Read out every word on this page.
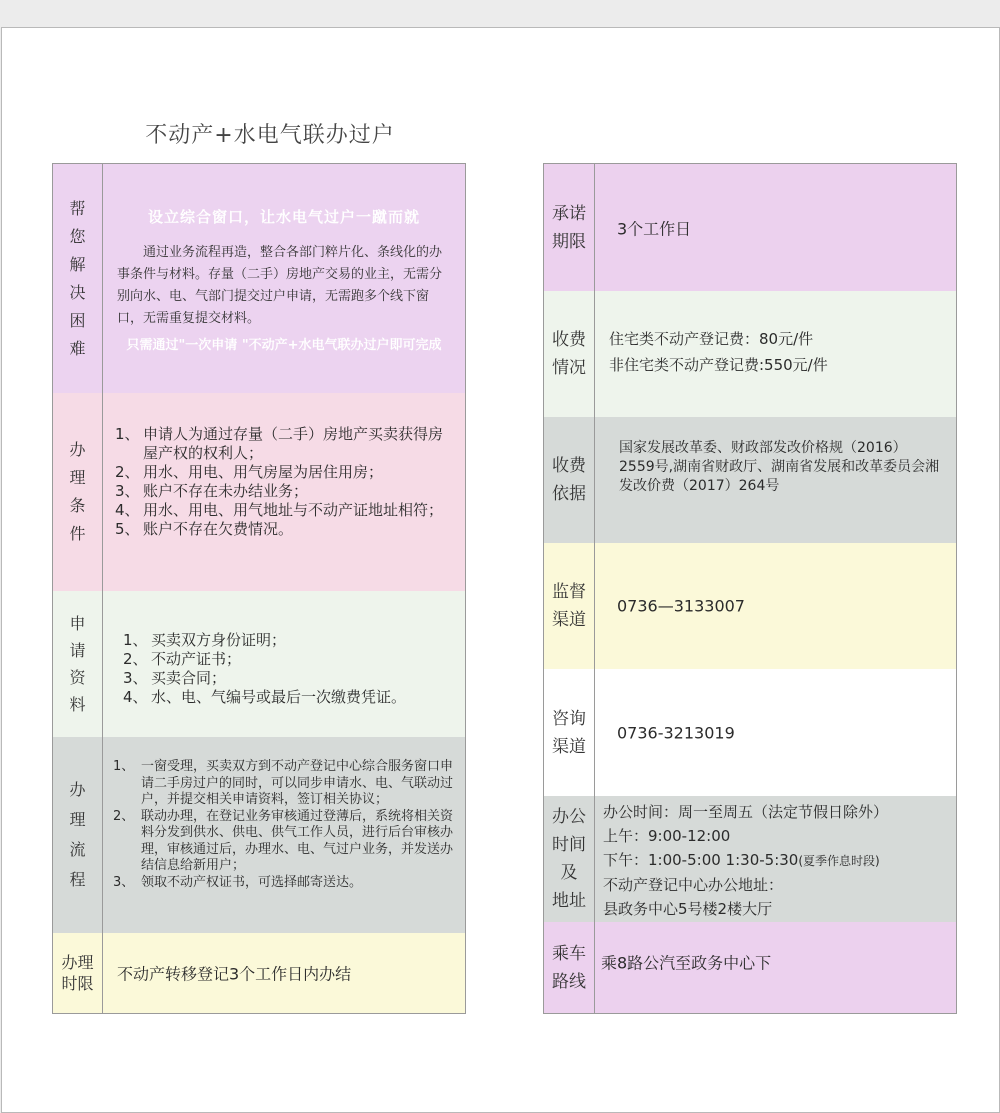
不动产+水电气联办过户
帮
您
解
决
困
难
设立综合窗口，让水电气过户一蹴而就
通过业务流程再造，整合各部门粹片化、条线化的办事条件与材料。存量（二手）房地产交易的业主，无需分别向水、电、气部门提交过户申请，无需跑多个线下窗口，无需重复提交材料。
只需通过"一次申请 "不动产+水电气联办过户即可完成
办
理
条
件
1、 申请人为通过存量（二手）房地产买卖获得房屋产权的权利人；
2、 用水、用电、用气房屋为居住用房；
3、 账户不存在未办结业务；
4、 用水、用电、用气地址与不动产证地址相符；
5、 账户不存在欠费情况。
申
请
资
料
1、 买卖双方身份证明；
2、 不动产证书；
3、 买卖合同；
4、 水、电、气编号或最后一次缴费凭证。
办
理
流
程
1、 一窗受理，买卖双方到不动产登记中心综合服务窗口申请二手房过户的同时，可以同步申请水、电、气联动过户，并提交相关申请资料，签订相关协议；
2、 联动办理，在登记业务审核通过登薄后，系统将相关资料分发到供水、供电、供气工作人员，进行后台审核办理，审核通过后，办理水、电、气过户业务，并发送办结信息给新用户；
3、 领取不动产权证书，可选择邮寄送达。
办理
时限 不动产转移登记3个工作日内办结
承诺
期限
3个工作日
收费
情况
住宅类不动产登记费：80元/件
非住宅类不动产登记费:550元/件
收费
依据
国家发展改革委、财政部发改价格规（2016）2559号,湖南省财政厅、湖南省发展和改革委员会湘发改价费（2017）264号
监督
渠道
0736—3133007
咨询
渠道
0736-3213019
办公
时间
及
地址
办公时间：周一至周五（法定节假日除外）
上午：9:00-12:00
下午：1:00-5:00 1:30-5:30(夏季作息时段)
不动产登记中心办公地址：
县政务中心5号楼2楼大厅
乘车
路线
乘8路公汽至政务中心下
